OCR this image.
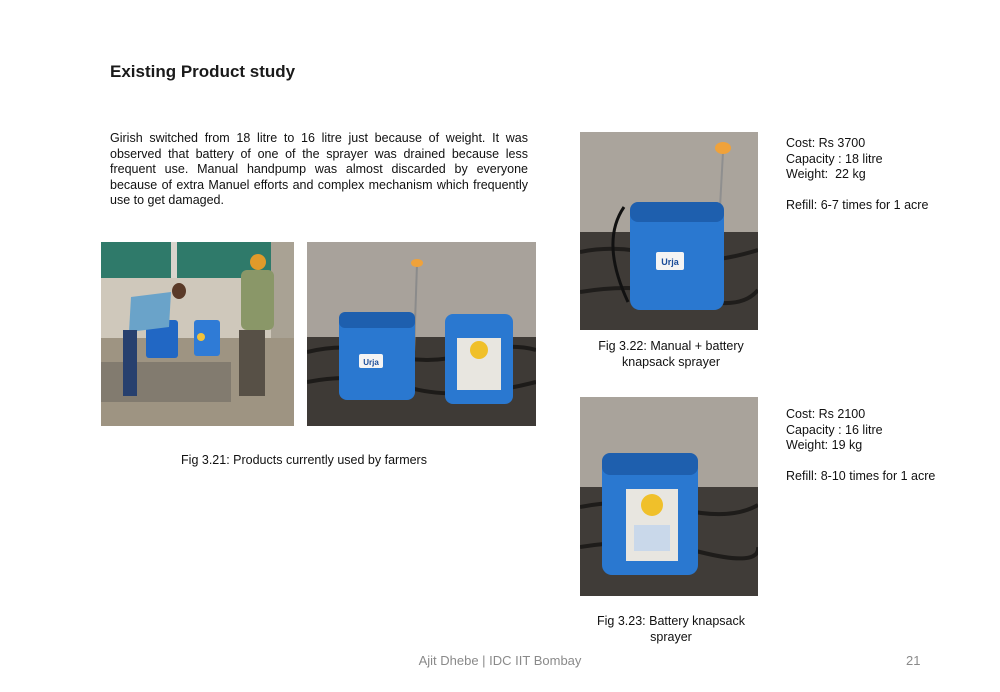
Existing Product study
Girish switched from 18 litre to 16 litre just because of weight. It was observed that battery of one of the sprayer was drained because less frequent use. Manual handpump was almost discarded by everyone because of extra Manuel efforts and complex mechanism which frequently use to get damaged.
Urja
Fig 3.21: Products currently used by farmers
Urja
Fig 3.22: Manual + battery
knapsack sprayer
Cost: Rs 3700
Capacity : 18 litre
Weight:  22 kg
Refill: 6-7 times for 1 acre
Fig 3.23: Battery knapsack
sprayer
Cost: Rs 2100
Capacity : 16 litre
Weight: 19 kg
Refill: 8-10 times for 1 acre
Ajit Dhebe | IDC IIT Bombay	21
